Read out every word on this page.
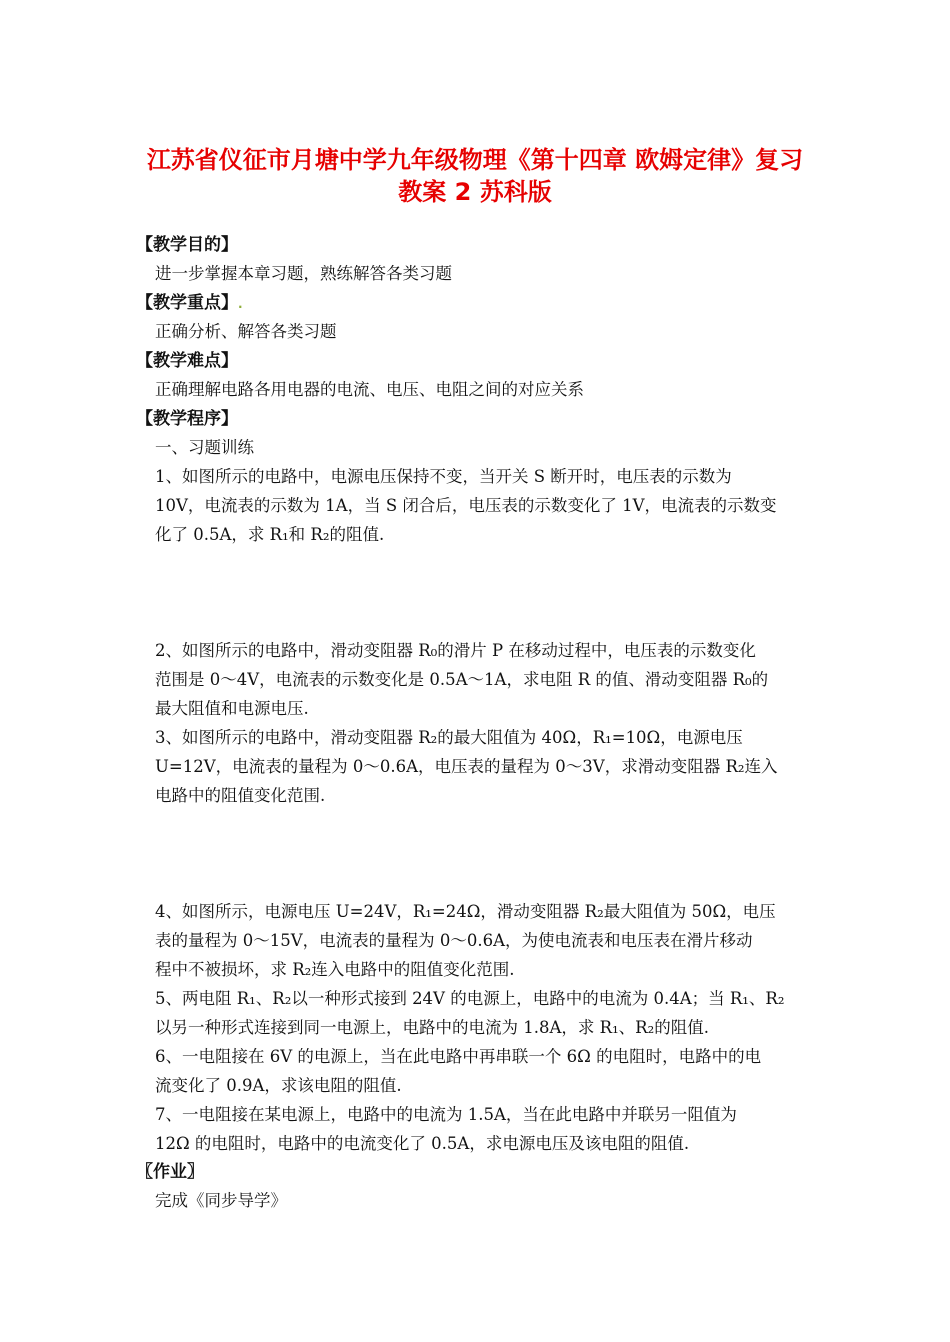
江苏省仪征市月塘中学九年级物理《第十四章 欧姆定律》复习
教案 2 苏科版
【教学目的】
进一步掌握本章习题，熟练解答各类习题
【教学重点】.
正确分析、解答各类习题
【教学难点】
正确理解电路各用电器的电流、电压、电阻之间的对应关系
【教学程序】
一、习题训练
1、如图所示的电路中，电源电压保持不变，当开关 S 断开时，电压表的示数为
10V，电流表的示数为 1A，当 S 闭合后，电压表的示数变化了 1V，电流表的示数变
化了 0.5A，求 R₁和 R₂的阻值.
2、如图所示的电路中，滑动变阻器 R₀的滑片 P 在移动过程中，电压表的示数变化
范围是 0～4V，电流表的示数变化是 0.5A～1A，求电阻 R 的值、滑动变阻器 R₀的
最大阻值和电源电压.
3、如图所示的电路中，滑动变阻器 R₂的最大阻值为 40Ω，R₁=10Ω，电源电压
U=12V，电流表的量程为 0～0.6A，电压表的量程为 0～3V，求滑动变阻器 R₂连入
电路中的阻值变化范围.
4、如图所示，电源电压 U=24V，R₁=24Ω，滑动变阻器 R₂最大阻值为 50Ω，电压
表的量程为 0～15V，电流表的量程为 0～0.6A，为使电流表和电压表在滑片移动
程中不被损坏，求 R₂连入电路中的阻值变化范围.
5、两电阻 R₁、R₂以一种形式接到 24V 的电源上，电路中的电流为 0.4A；当 R₁、R₂
以另一种形式连接到同一电源上，电路中的电流为 1.8A，求 R₁、R₂的阻值.
6、一电阻接在 6V 的电源上，当在此电路中再串联一个 6Ω 的电阻时，电路中的电
流变化了 0.9A，求该电阻的阻值.
7、一电阻接在某电源上，电路中的电流为 1.5A，当在此电路中并联另一阻值为
12Ω 的电阻时，电路中的电流变化了 0.5A，求电源电压及该电阻的阻值.
〖作业〗
完成《同步导学》
